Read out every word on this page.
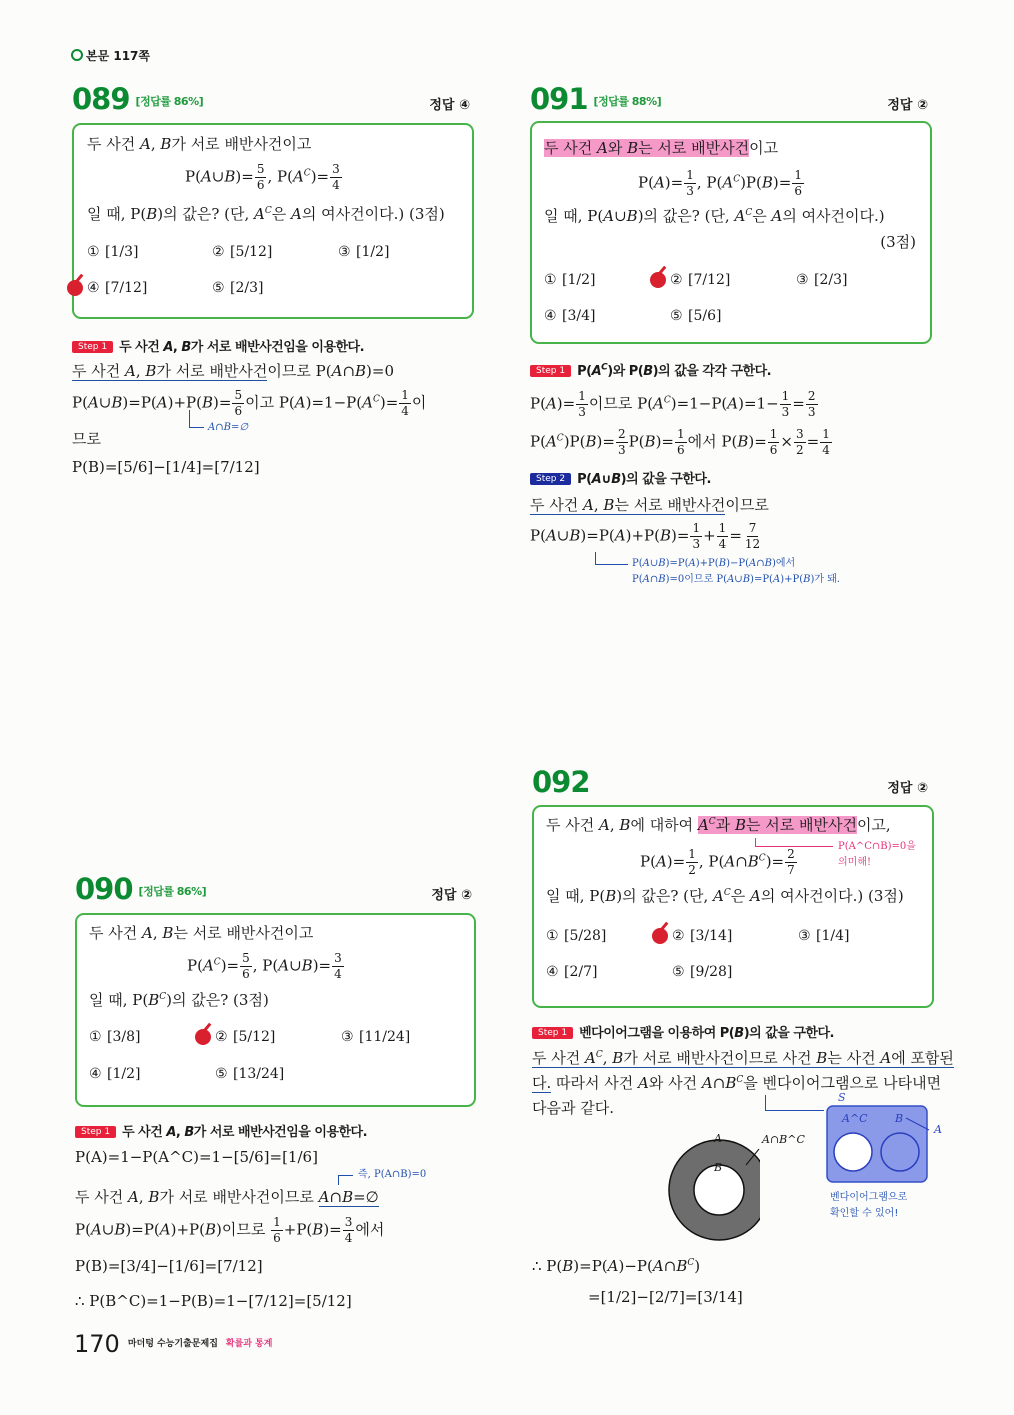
본문 117쪽
089 [정답률 86%]	정답 ④
두 사건 A, B가 서로 배반사건이고
P(A∪B)= $\frac{5}{6}$ , $P(A^C)= \frac{3}{4}$
일 때, P(B)의 값은? (단, $A^C$은 A의 여사건이다.) (3점)
Step 1 두 사건 A, B가 서로 배반사건임을 이용한다.
두 사건 A, B가 서로 배반사건이므로 P(A∩B)=0
P(A∪B)=P(A)+P(B)= $\frac{5}{6}$ 이고 $P(A)=1-P(A^C)= \frac{1}{4}$ 이
A∩B=∅
므로
P(B)=[5/6]−[1/4]=[7/12]
091 [정답률 88%]	정답 ②
두 사건 A와 B는 서로 배반사건이고
$P(A)= \frac{1}{3}$ , $P(A^C)P(B)= \frac{1}{6}$
일 때, P(A∪B)의 값은? (단, $A^C$은 A의 여사건이다.)
(3점)
Step 1 $P(A^C)$와 P(B)의 값을 각각 구한다.
$P(A)= \frac{1}{3}$ 이므로 $P(A^C)=1-P(A)=1- \frac{1}{3} = \frac{2}{3}$
$P(A^C)P(B)= \frac{2}{3} P(B)= \frac{1}{6}$ 에서 $P(B)= \frac{1}{6} \times \frac{3}{2} = \frac{1}{4}$
Step 2 P(A∪B)의 값을 구한다.
두 사건 A, B는 서로 배반사건이므로
P(A∪B)=P(A)+P(B)= $\frac{1}{3} + \frac{1}{4} = \frac{7}{12}$
P(A∪B)=P(A)+P(B)−P(A∩B)에서
P(A∩B)=0이므로 P(A∪B)=P(A)+P(B)가 돼.
092	정답 ②
두 사건 A, B에 대하여 $A^C$과 B는 서로 배반사건이고,
P(A^C∩B)=0을
의미해!
$P(A)= \frac{1}{2}$ , $P(A\cap B^C)= \frac{2}{7}$
일 때, P(B)의 값은? (단, $A^C$은 A의 여사건이다.) (3점)
Step 1 벤다이어그램을 이용하여 P(B)의 값을 구한다.
두 사건 $A^C$, B가 서로 배반사건이므로 사건 B는 사건 A에 포함된
다. 따라서 사건 A와 사건 $A\cap B^C$을 벤다이어그램으로 나타내면
다음과 같다.
A
B
A∩B^C
S
A^C B
A
벤다이어그램으로
확인할 수 있어!
∴ $P(B)=P(A)-P(A\cap B^C)$
=[1/2]−[2/7]=[3/14]
090 [정답률 86%]	정답 ②
두 사건 A, B는 서로 배반사건이고
$P(A^C)= \frac{5}{6}$ , P(A∪B)= $\frac{3}{4}$
일 때, $P(B^C)$의 값은? (3점)
Step 1 두 사건 A, B가 서로 배반사건임을 이용한다.
P(A)=1−P(A^C)=1−[5/6]=[1/6]
즉, P(A∩B)=0
두 사건 A, B가 서로 배반사건이므로 A∩B=∅
P(A∪B)=P(A)+P(B)이므로 $\frac{1}{6} +P(B)= \frac{3}{4}$ 에서
P(B)=[3/4]−[1/6]=[7/12]
∴ P(B^C)=1−P(B)=1−[7/12]=[5/12]
170 $^{마더텅 수능기출문제집}$ $^{확률과 통계}$
① [1/3]	② [5/12]	③ [1/2]
④ [7/12]	⑤ [2/3]	① [1/2]	② [7/12]	③ [2/3]
④ [3/4]	⑤ [5/6]
① [5/28]	② [3/14]	③ [1/4]
④ [2/7]	⑤ [9/28]
① [3/8]	② [5/12]	③ [11/24]
④ [1/2]	⑤ [13/24]
